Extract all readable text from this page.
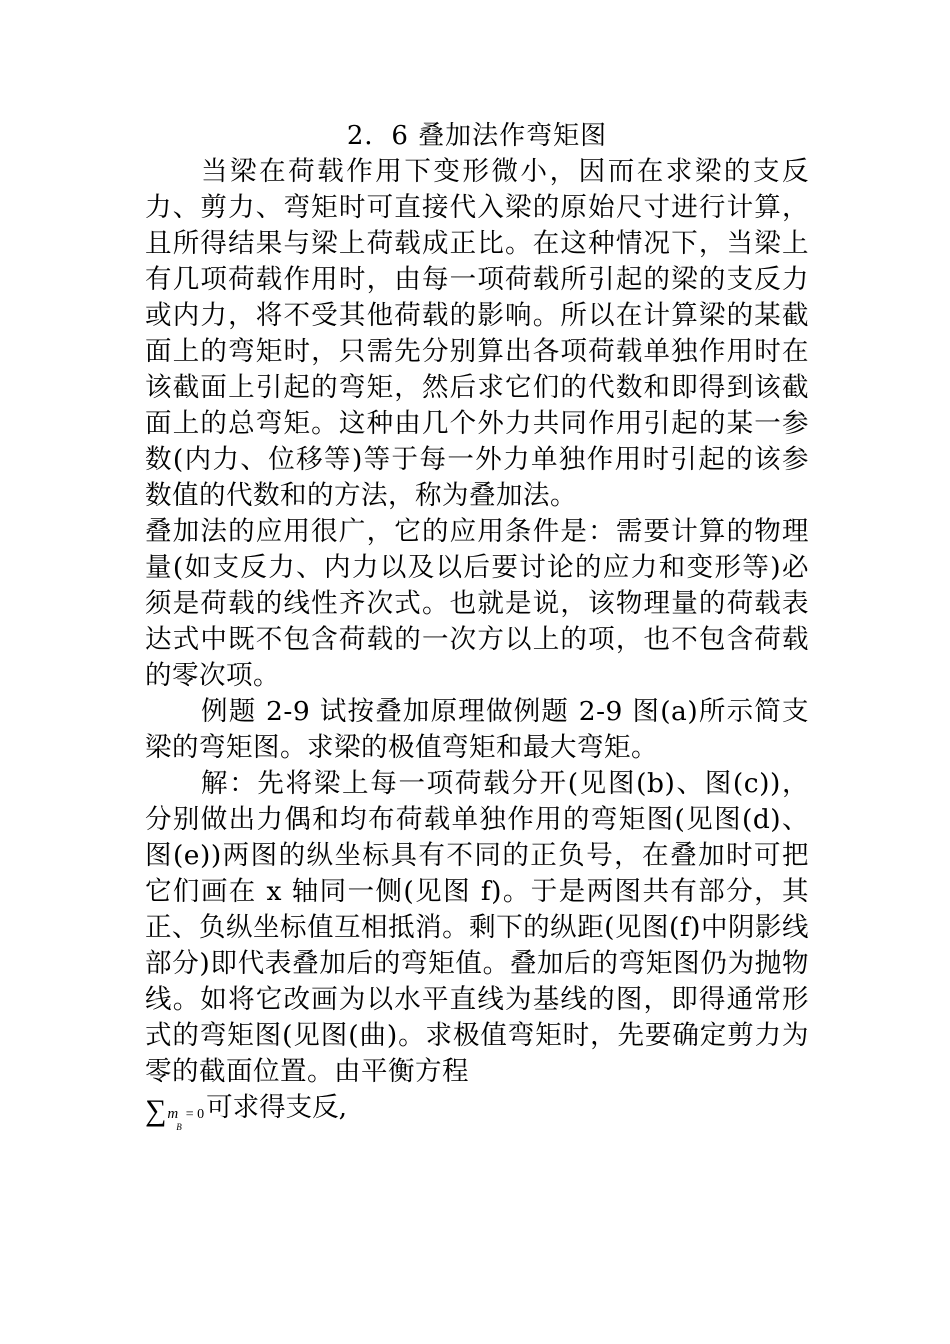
2．6 叠加法作弯矩图

当梁在荷载作用下变形微小，因而在求梁的支反力、剪力、弯矩时可直接代入梁的原始尺寸进行计算，且所得结果与梁上荷载成正比。在这种情况下，当梁上有几项荷载作用时，由每一项荷载所引起的梁的支反力或内力，将不受其他荷载的影响。所以在计算梁的某截面上的弯矩时，只需先分别算出各项荷载单独作用时在该截面上引起的弯矩，然后求它们的代数和即得到该截面上的总弯矩。这种由几个外力共同作用引起的某一参数(内力、位移等)等于每一外力单独作用时引起的该参数值的代数和的方法，称为叠加法。

叠加法的应用很广，它的应用条件是：需要计算的物理量(如支反力、内力以及以后要讨论的应力和变形等)必须是荷载的线性齐次式。也就是说，该物理量的荷载表达式中既不包含荷载的一次方以上的项，也不包含荷载的零次项。

例题 2-9 试按叠加原理做例题 2-9 图(a)所示简支梁的弯矩图。求梁的极值弯矩和最大弯矩。

解：先将梁上每一项荷载分开(见图(b)、图(c))，分别做出力偶和均布荷载单独作用的弯矩图(见图(d)、图(e))两图的纵坐标具有不同的正负号，在叠加时可把它们画在 x 轴同一侧(见图 f)。于是两图共有部分，其正、负纵坐标值互相抵消。剩下的纵距(见图(f)中阴影线部分)即代表叠加后的弯矩值。叠加后的弯矩图仍为抛物线。如将它改画为以水平直线为基线的图，即得通常形式的弯矩图(见图(曲)。求极值弯矩时，先要确定剪力为零的截面位置。由平衡方程

∑ m
B
= 0 可求得支反,
